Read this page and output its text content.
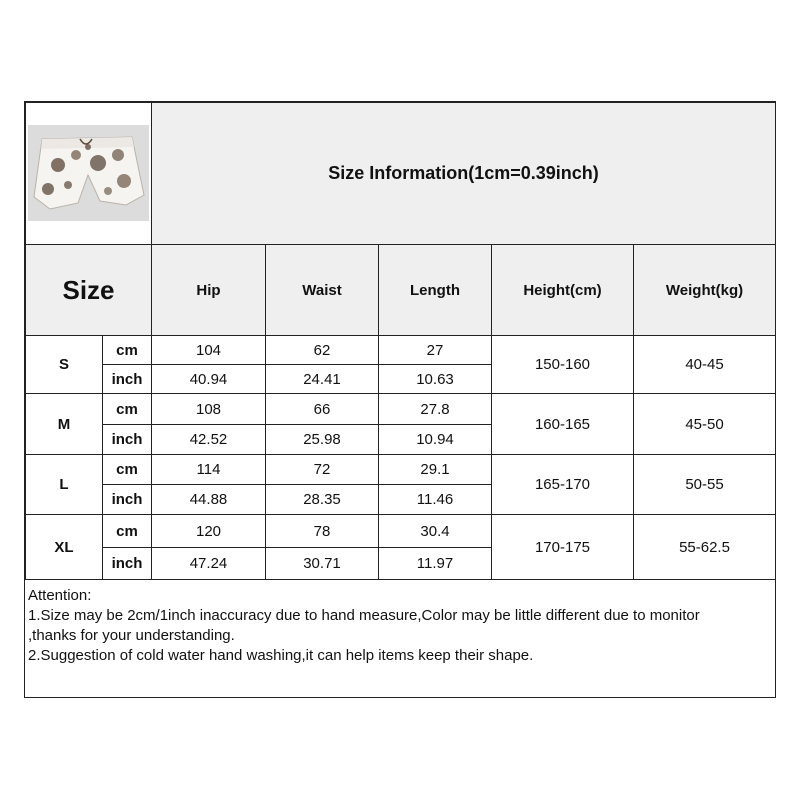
	Size Information(1cm=0.39inch)				
Size		Hip	Waist	Length	Height(cm)	Weight(kg)
S	cm	104	62	27	150-160	40-45
	inch	40.94	24.41	10.63		
M	cm	108	66	27.8	160-165	45-50
	inch	42.52	25.98	10.94		
L	cm	114	72	29.1	165-170	50-55
	inch	44.88	28.35	11.46		
XL	cm	120	78	30.4	170-175	55-62.5
	inch	47.24	30.71	11.97		
Attention:
1.Size may be 2cm/1inch inaccuracy due to hand measure,Color may be little different due to monitor
,thanks for your understanding.
2.Suggestion of cold water hand washing,it can help items keep their shape.
